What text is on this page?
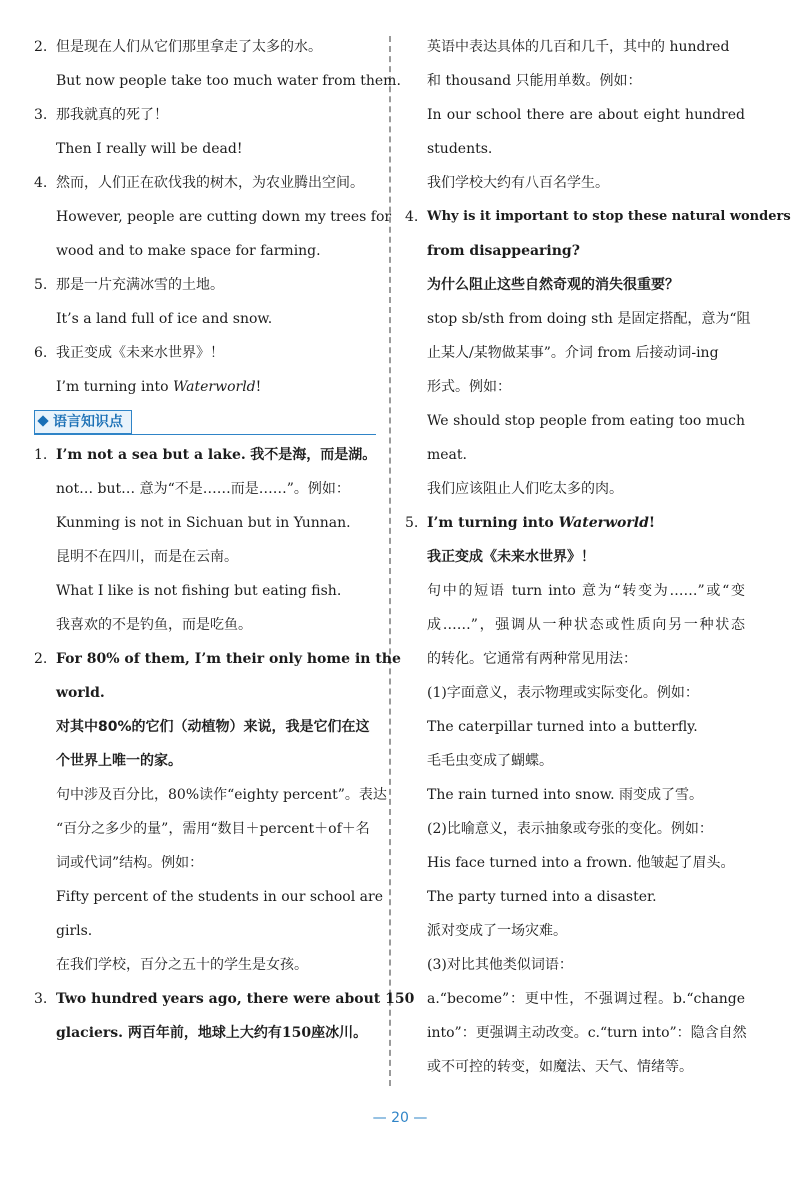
2. 但是现在人们从它们那里拿走了太多的水。
But now people take too much water from them.
3. 那我就真的死了！
Then I really will be dead!
4. 然而，人们正在砍伐我的树木，为农业腾出空间。
However, people are cutting down my trees for
wood and to make space for farming.
5. 那是一片充满冰雪的土地。
It’s a land full of ice and snow.
6. 我正变成《未来水世界》！
I’m turning into Waterworld!
语言知识点
1. I’m not a sea but a lake. 我不是海，而是湖。
not… but… 意为“不是……而是……”。例如：
Kunming is not in Sichuan but in Yunnan.
昆明不在四川，而是在云南。
What I like is not fishing but eating fish.
我喜欢的不是钓鱼，而是吃鱼。
2. For 80% of them, I’m their only home in the
world.
对其中80%的它们（动植物）来说，我是它们在这
个世界上唯一的家。
句中涉及百分比，80%读作“eighty percent”。表达
“百分之多少的量”，需用“数目＋percent＋of＋名
词或代词”结构。例如：
Fifty percent of the students in our school are
girls.
在我们学校，百分之五十的学生是女孩。
3. Two hundred years ago, there were about 150
glaciers. 两百年前，地球上大约有150座冰川。
英语中表达具体的几百和几千，其中的 hundred
和 thousand 只能用单数。例如：
In our school there are about eight hundred
students.
我们学校大约有八百名学生。
4. Why is it important to stop these natural wonders
from disappearing?
为什么阻止这些自然奇观的消失很重要？
stop sb/sth from doing sth 是固定搭配，意为“阻
止某人/某物做某事”。介词 from 后接动词-ing
形式。例如：
We should stop people from eating too much
meat.
我们应该阻止人们吃太多的肉。
5. I’m turning into Waterworld!
我正变成《未来水世界》！
句中的短语 turn into 意为“转变为……”或“变
成……”，强调从一种状态或性质向另一种状态
的转化。它通常有两种常见用法：
(1)字面意义，表示物理或实际变化。例如：
The caterpillar turned into a butterfly.
毛毛虫变成了蝴蝶。
The rain turned into snow. 雨变成了雪。
(2)比喻意义，表示抽象或夸张的变化。例如：
His face turned into a frown. 他皱起了眉头。
The party turned into a disaster.
派对变成了一场灾难。
(3)对比其他类似词语：
a.“become”：更中性，不强调过程。b.“change
into”：更强调主动改变。c.“turn into”：隐含自然
或不可控的转变，如魔法、天气、情绪等。
— 20 —
